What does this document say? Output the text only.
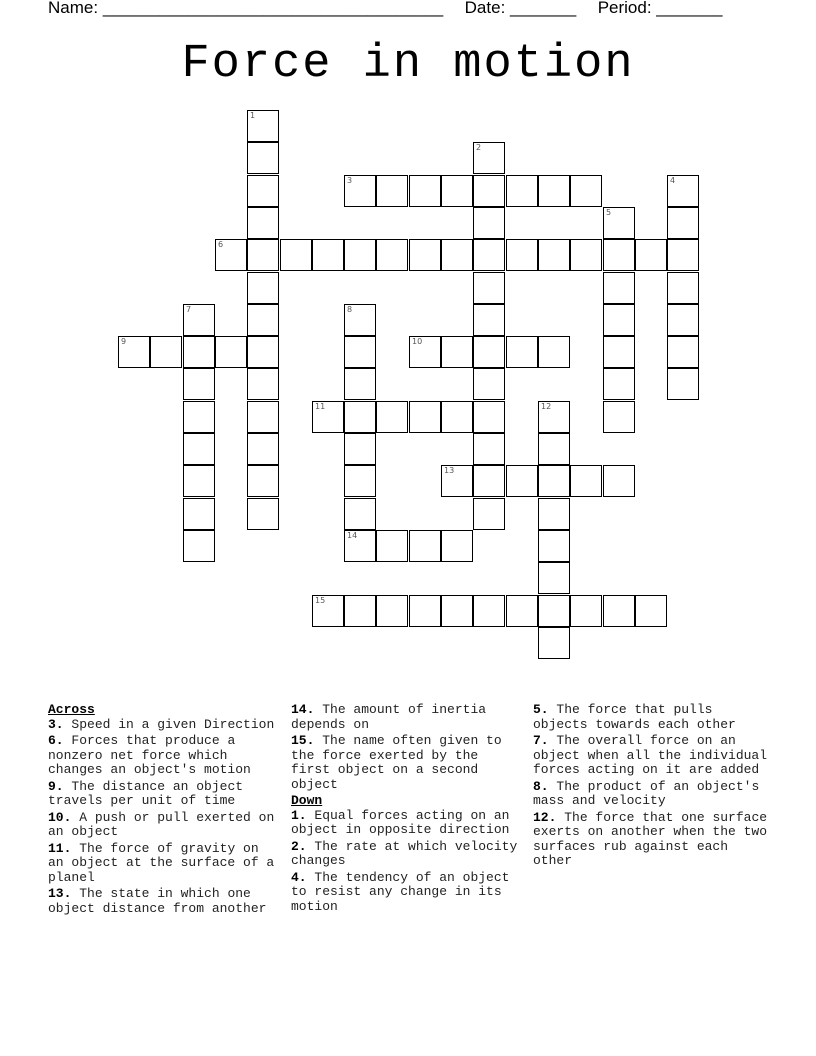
Name: ____________________________________ Date: _______ Period: _______
Force in motion
1
2
3	4
5
6
7	8
14
9	10
11	12
13
15
Across
3. Speed in a given Direction
6. Forces that produce a nonzero net force which changes an object's motion
9. The distance an object travels per unit of time
10. A push or pull exerted on an object
11. The force of gravity on an object at the surface of a planel
13. The state in which one object distance from another
14. The amount of inertia depends on
15. The name often given to the force exerted by the first object on a second object
Down
1. Equal forces acting on an object in opposite direction
2. The rate at which velocity changes
4. The tendency of an object to resist any change in its motion
5. The force that pulls objects towards each other
7. The overall force on an object when all the individual forces acting on it are added
8. The product of an object's mass and velocity
12. The force that one surface exerts on another when the two surfaces rub against each other
